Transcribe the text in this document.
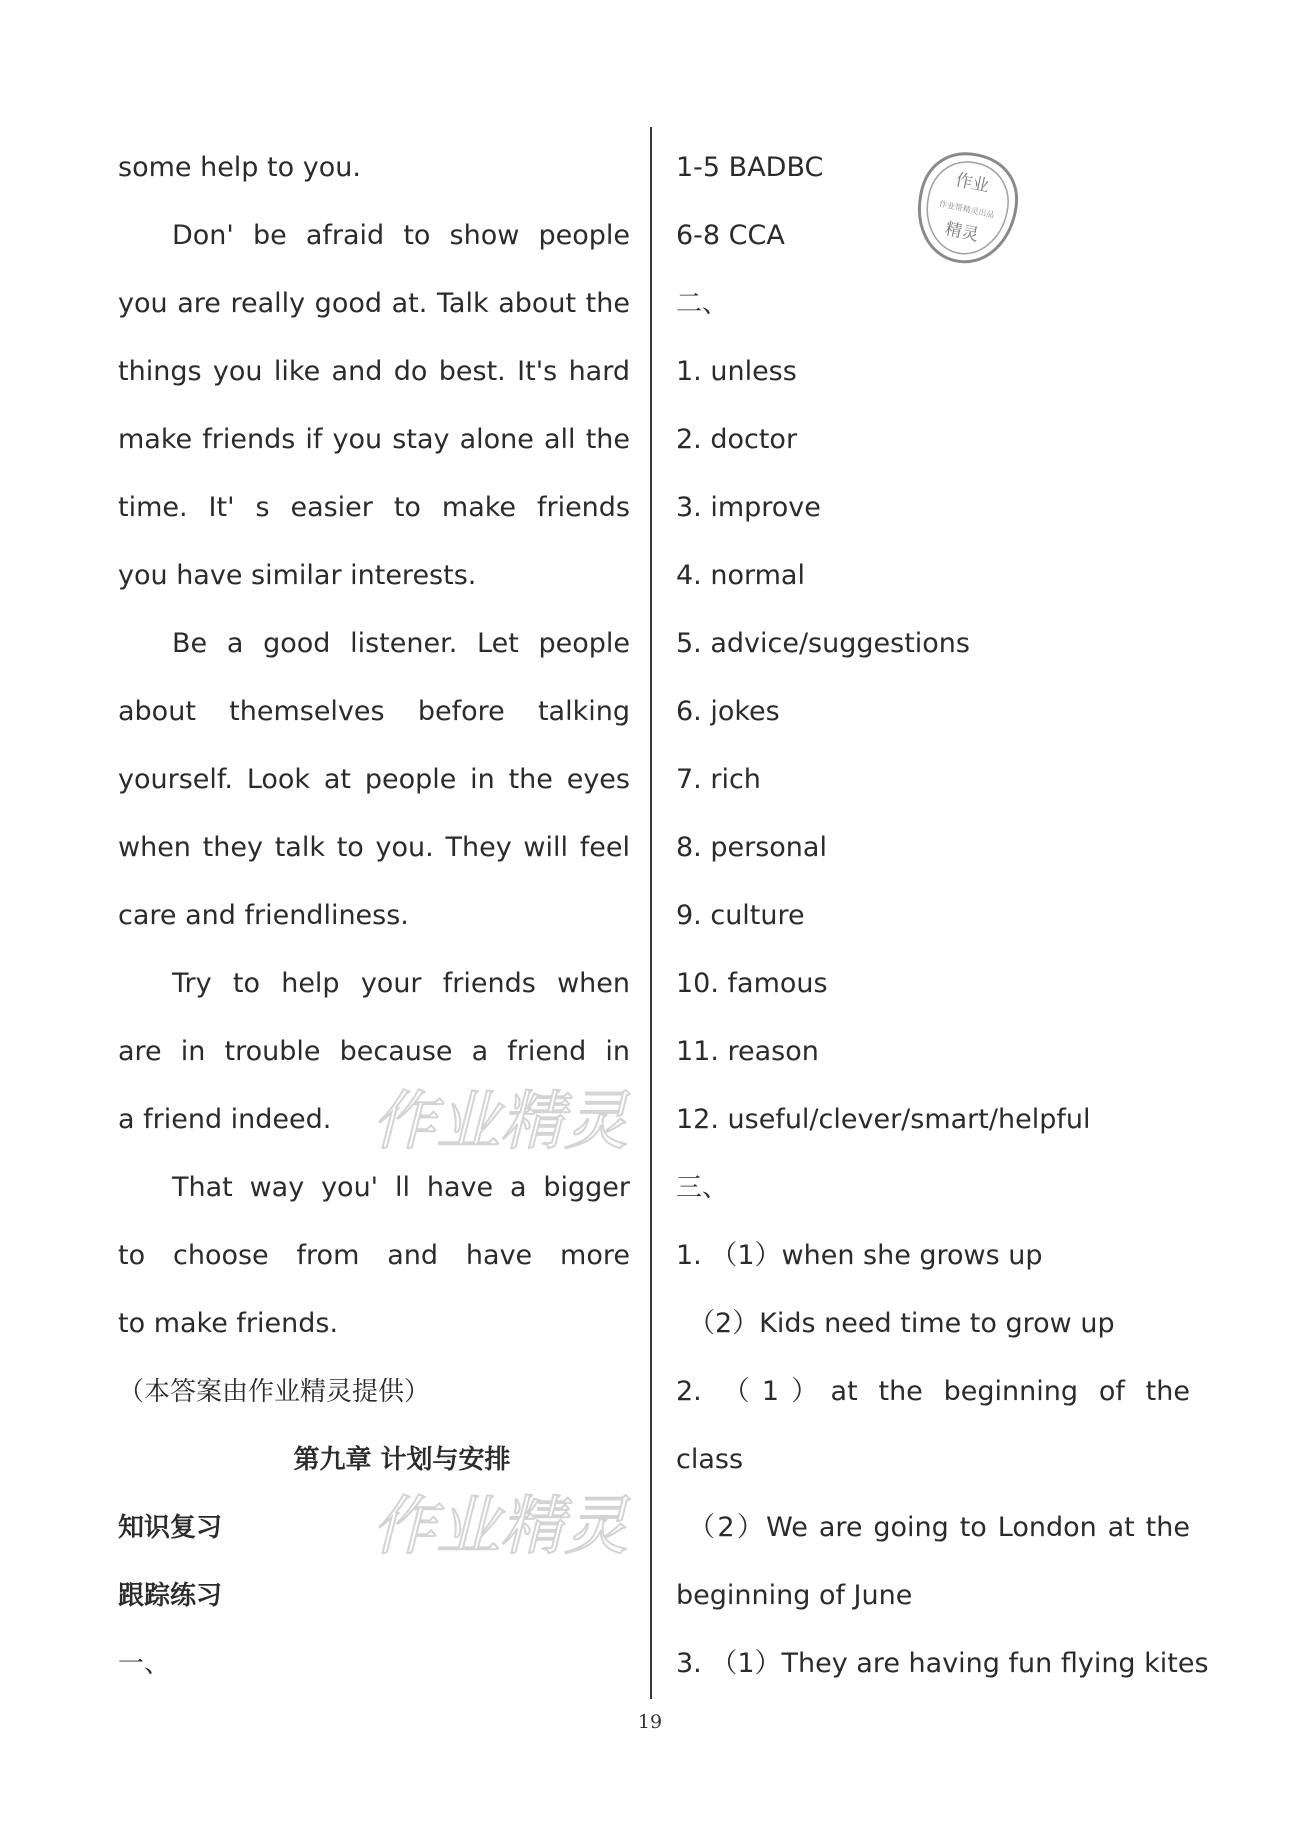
some help to you.

Don' be afraid to show people

you are really good at. Talk about the

things you like and do best. It's hard

make friends if you stay alone all the

time. It' s easier to make friends

you have similar interests.

Be a good listener. Let people

about themselves before talking

yourself. Look at people in the eyes

when they talk to you. They will feel

care and friendliness.

Try to help your friends when

are in trouble because a friend in

a friend indeed.

That way you' ll have a bigger

to choose from and have more

to make friends.

（本答案由作业精灵提供）

第九章 计划与安排

知识复习

跟踪练习

一、

1-5 BADBC

6-8 CCA

二、

1. unless

2. doctor

3. improve

4. normal

5. advice/suggestions

6. jokes

7. rich

8. personal

9. culture

10. famous

11. reason

12. useful/clever/smart/helpful

三、

1. （1）when she grows up

（2）Kids need time to grow up

2. （1）at the beginning of the

class

（2）We are going to London at the

beginning of June

3. （1）They are having fun flying kites

作业
作业帮精灵出品
精灵
作业精灵
作业精灵
19
